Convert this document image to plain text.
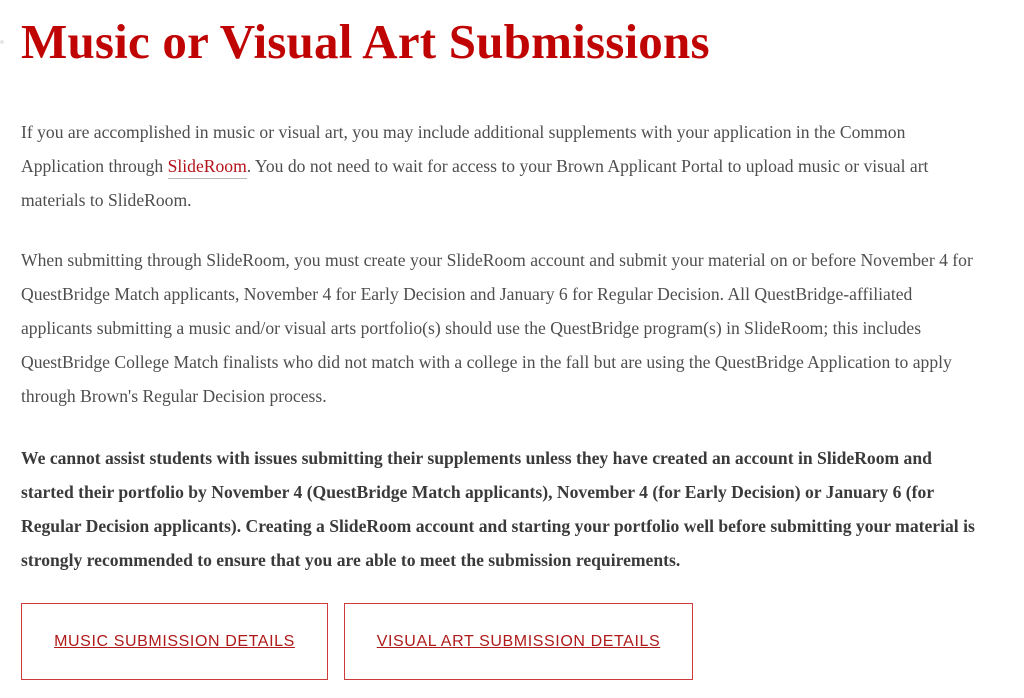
Music or Visual Art Submissions

If you are accomplished in music or visual art, you may include additional supplements with your application in the Common Application through SlideRoom. You do not need to wait for access to your Brown Applicant Portal to upload music or visual art materials to SlideRoom.

When submitting through SlideRoom, you must create your SlideRoom account and submit your material on or before November 4 for QuestBridge Match applicants, November 4 for Early Decision and January 6 for Regular Decision. All QuestBridge-affiliated applicants submitting a music and/or visual arts portfolio(s) should use the QuestBridge program(s) in SlideRoom; this includes QuestBridge College Match finalists who did not match with a college in the fall but are using the QuestBridge Application to apply through Brown's Regular Decision process.

We cannot assist students with issues submitting their supplements unless they have created an account in SlideRoom and started their portfolio by November 4 (QuestBridge Match applicants), November 4 (for Early Decision) or January 6 (for Regular Decision applicants). Creating a SlideRoom account and starting your portfolio well before submitting your material is strongly recommended to ensure that you are able to meet the submission requirements.

MUSIC SUBMISSION DETAILS	VISUAL ART SUBMISSION DETAILS
